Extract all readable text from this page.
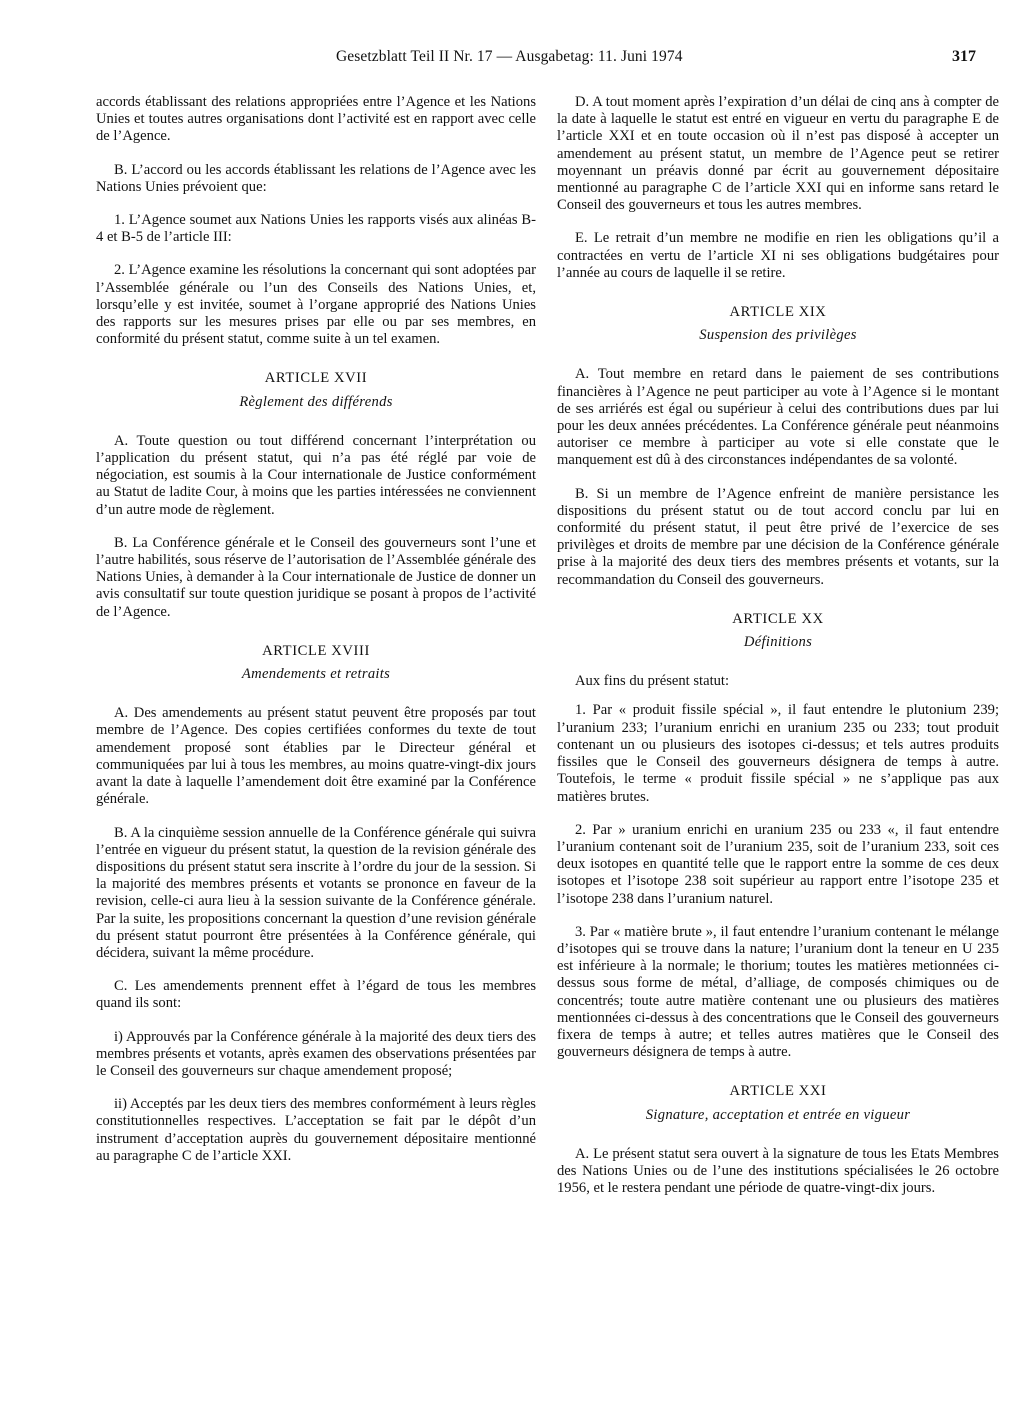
Gesetzblatt Teil II Nr. 17 — Ausgabetag: 11. Juni 1974	317

accords établissant des relations appropriées entre l’Agence et les Nations Unies et toutes autres organisations dont l’activité est en rapport avec celle de l’Agence.

B. L’accord ou les accords établissant les relations de l’Agence avec les Nations Unies prévoient que:

1. L’Agence soumet aux Nations Unies les rapports visés aux alinéas B-4 et B-5 de l’article III:

2. L’Agence examine les résolutions la concernant qui sont adoptées par l’Assemblée générale ou l’un des Conseils des Nations Unies, et, lorsqu’elle y est invitée, soumet à l’organe approprié des Nations Unies des rapports sur les mesures prises par elle ou par ses membres, en conformité du présent statut, comme suite à un tel examen.

ARTICLE XVII
Règlement des différends

A. Toute question ou tout différend concernant l’interprétation ou l’application du présent statut, qui n’a pas été réglé par voie de négociation, est soumis à la Cour internationale de Justice conformément au Statut de ladite Cour, à moins que les parties intéressées ne conviennent d’un autre mode de règlement.

B. La Conférence générale et le Conseil des gouverneurs sont l’une et l’autre habilités, sous réserve de l’autorisation de l’Assemblée générale des Nations Unies, à demander à la Cour internationale de Justice de donner un avis consultatif sur toute question juridique se posant à propos de l’activité de l’Agence.

ARTICLE XVIII
Amendements et retraits

A. Des amendements au présent statut peuvent être proposés par tout membre de l’Agence. Des copies certifiées conformes du texte de tout amendement proposé sont établies par le Directeur général et communiquées par lui à tous les membres, au moins quatre-vingt-dix jours avant la date à laquelle l’amendement doit être examiné par la Conférence générale.

B. A la cinquième session annuelle de la Conférence générale qui suivra l’entrée en vigueur du présent statut, la question de la revision générale des dispositions du présent statut sera inscrite à l’ordre du jour de la session. Si la majorité des membres présents et votants se prononce en faveur de la revision, celle-ci aura lieu à la session suivante de la Conférence générale. Par la suite, les propositions concernant la question d’une revision générale du présent statut pourront être présentées à la Conférence générale, qui décidera, suivant la même procédure.

C. Les amendements prennent effet à l’égard de tous les membres quand ils sont:

i) Approuvés par la Conférence générale à la majorité des deux tiers des membres présents et votants, après examen des observations présentées par le Conseil des gouverneurs sur chaque amendement proposé;

ii) Acceptés par les deux tiers des membres conformément à leurs règles constitutionnelles respectives. L’acceptation se fait par le dépôt d’un instrument d’acceptation auprès du gouvernement dépositaire mentionné au paragraphe C de l’article XXI.

D. A tout moment après l’expiration d’un délai de cinq ans à compter de la date à laquelle le statut est entré en vigueur en vertu du paragraphe E de l’article XXI et en toute occasion où il n’est pas disposé à accepter un amendement au présent statut, un membre de l’Agence peut se retirer moyennant un préavis donné par écrit au gouvernement dépositaire mentionné au paragraphe C de l’article XXI qui en informe sans retard le Conseil des gouverneurs et tous les autres membres.

E. Le retrait d’un membre ne modifie en rien les obligations qu’il a contractées en vertu de l’article XI ni ses obligations budgétaires pour l’année au cours de laquelle il se retire.

ARTICLE XIX
Suspension des privilèges

A. Tout membre en retard dans le paiement de ses contributions financières à l’Agence ne peut participer au vote à l’Agence si le montant de ses arriérés est égal ou supérieur à celui des contributions dues par lui pour les deux années précédentes. La Conférence générale peut néanmoins autoriser ce membre à participer au vote si elle constate que le manquement est dû à des circonstances indépendantes de sa volonté.

B. Si un membre de l’Agence enfreint de manière persistance les dispositions du présent statut ou de tout accord conclu par lui en conformité du présent statut, il peut être privé de l’exercice de ses privilèges et droits de membre par une décision de la Conférence générale prise à la majorité des deux tiers des membres présents et votants, sur la recommandation du Conseil des gouverneurs.

ARTICLE XX
Définitions

Aux fins du présent statut:

1. Par « produit fissile spécial », il faut entendre le plutonium 239; l’uranium 233; l’uranium enrichi en uranium 235 ou 233; tout produit contenant un ou plusieurs des isotopes ci-dessus; et tels autres produits fissiles que le Conseil des gouverneurs désignera de temps à autre. Toutefois, le terme « produit fissile spécial » ne s’applique pas aux matières brutes.

2. Par » uranium enrichi en uranium 235 ou 233 «, il faut entendre l’uranium contenant soit de l’uranium 235, soit de l’uranium 233, soit ces deux isotopes en quantité telle que le rapport entre la somme de ces deux isotopes et l’isotope 238 soit supérieur au rapport entre l’isotope 235 et l’isotope 238 dans l’uranium naturel.

3. Par « matière brute », il faut entendre l’uranium contenant le mélange d’isotopes qui se trouve dans la nature; l’uranium dont la teneur en U 235 est inférieure à la normale; le thorium; toutes les matières metionnées ci-dessus sous forme de métal, d’alliage, de composés chimiques ou de concentrés; toute autre matière contenant une ou plusieurs des matières mentionnées ci-dessus à des concentrations que le Conseil des gouverneurs fixera de temps à autre; et telles autres matières que le Conseil des gouverneurs désignera de temps à autre.

ARTICLE XXI
Signature, acceptation et entrée en vigueur

A. Le présent statut sera ouvert à la signature de tous les Etats Membres des Nations Unies ou de l’une des institutions spécialisées le 26 octobre 1956, et le restera pendant une période de quatre-vingt-dix jours.
